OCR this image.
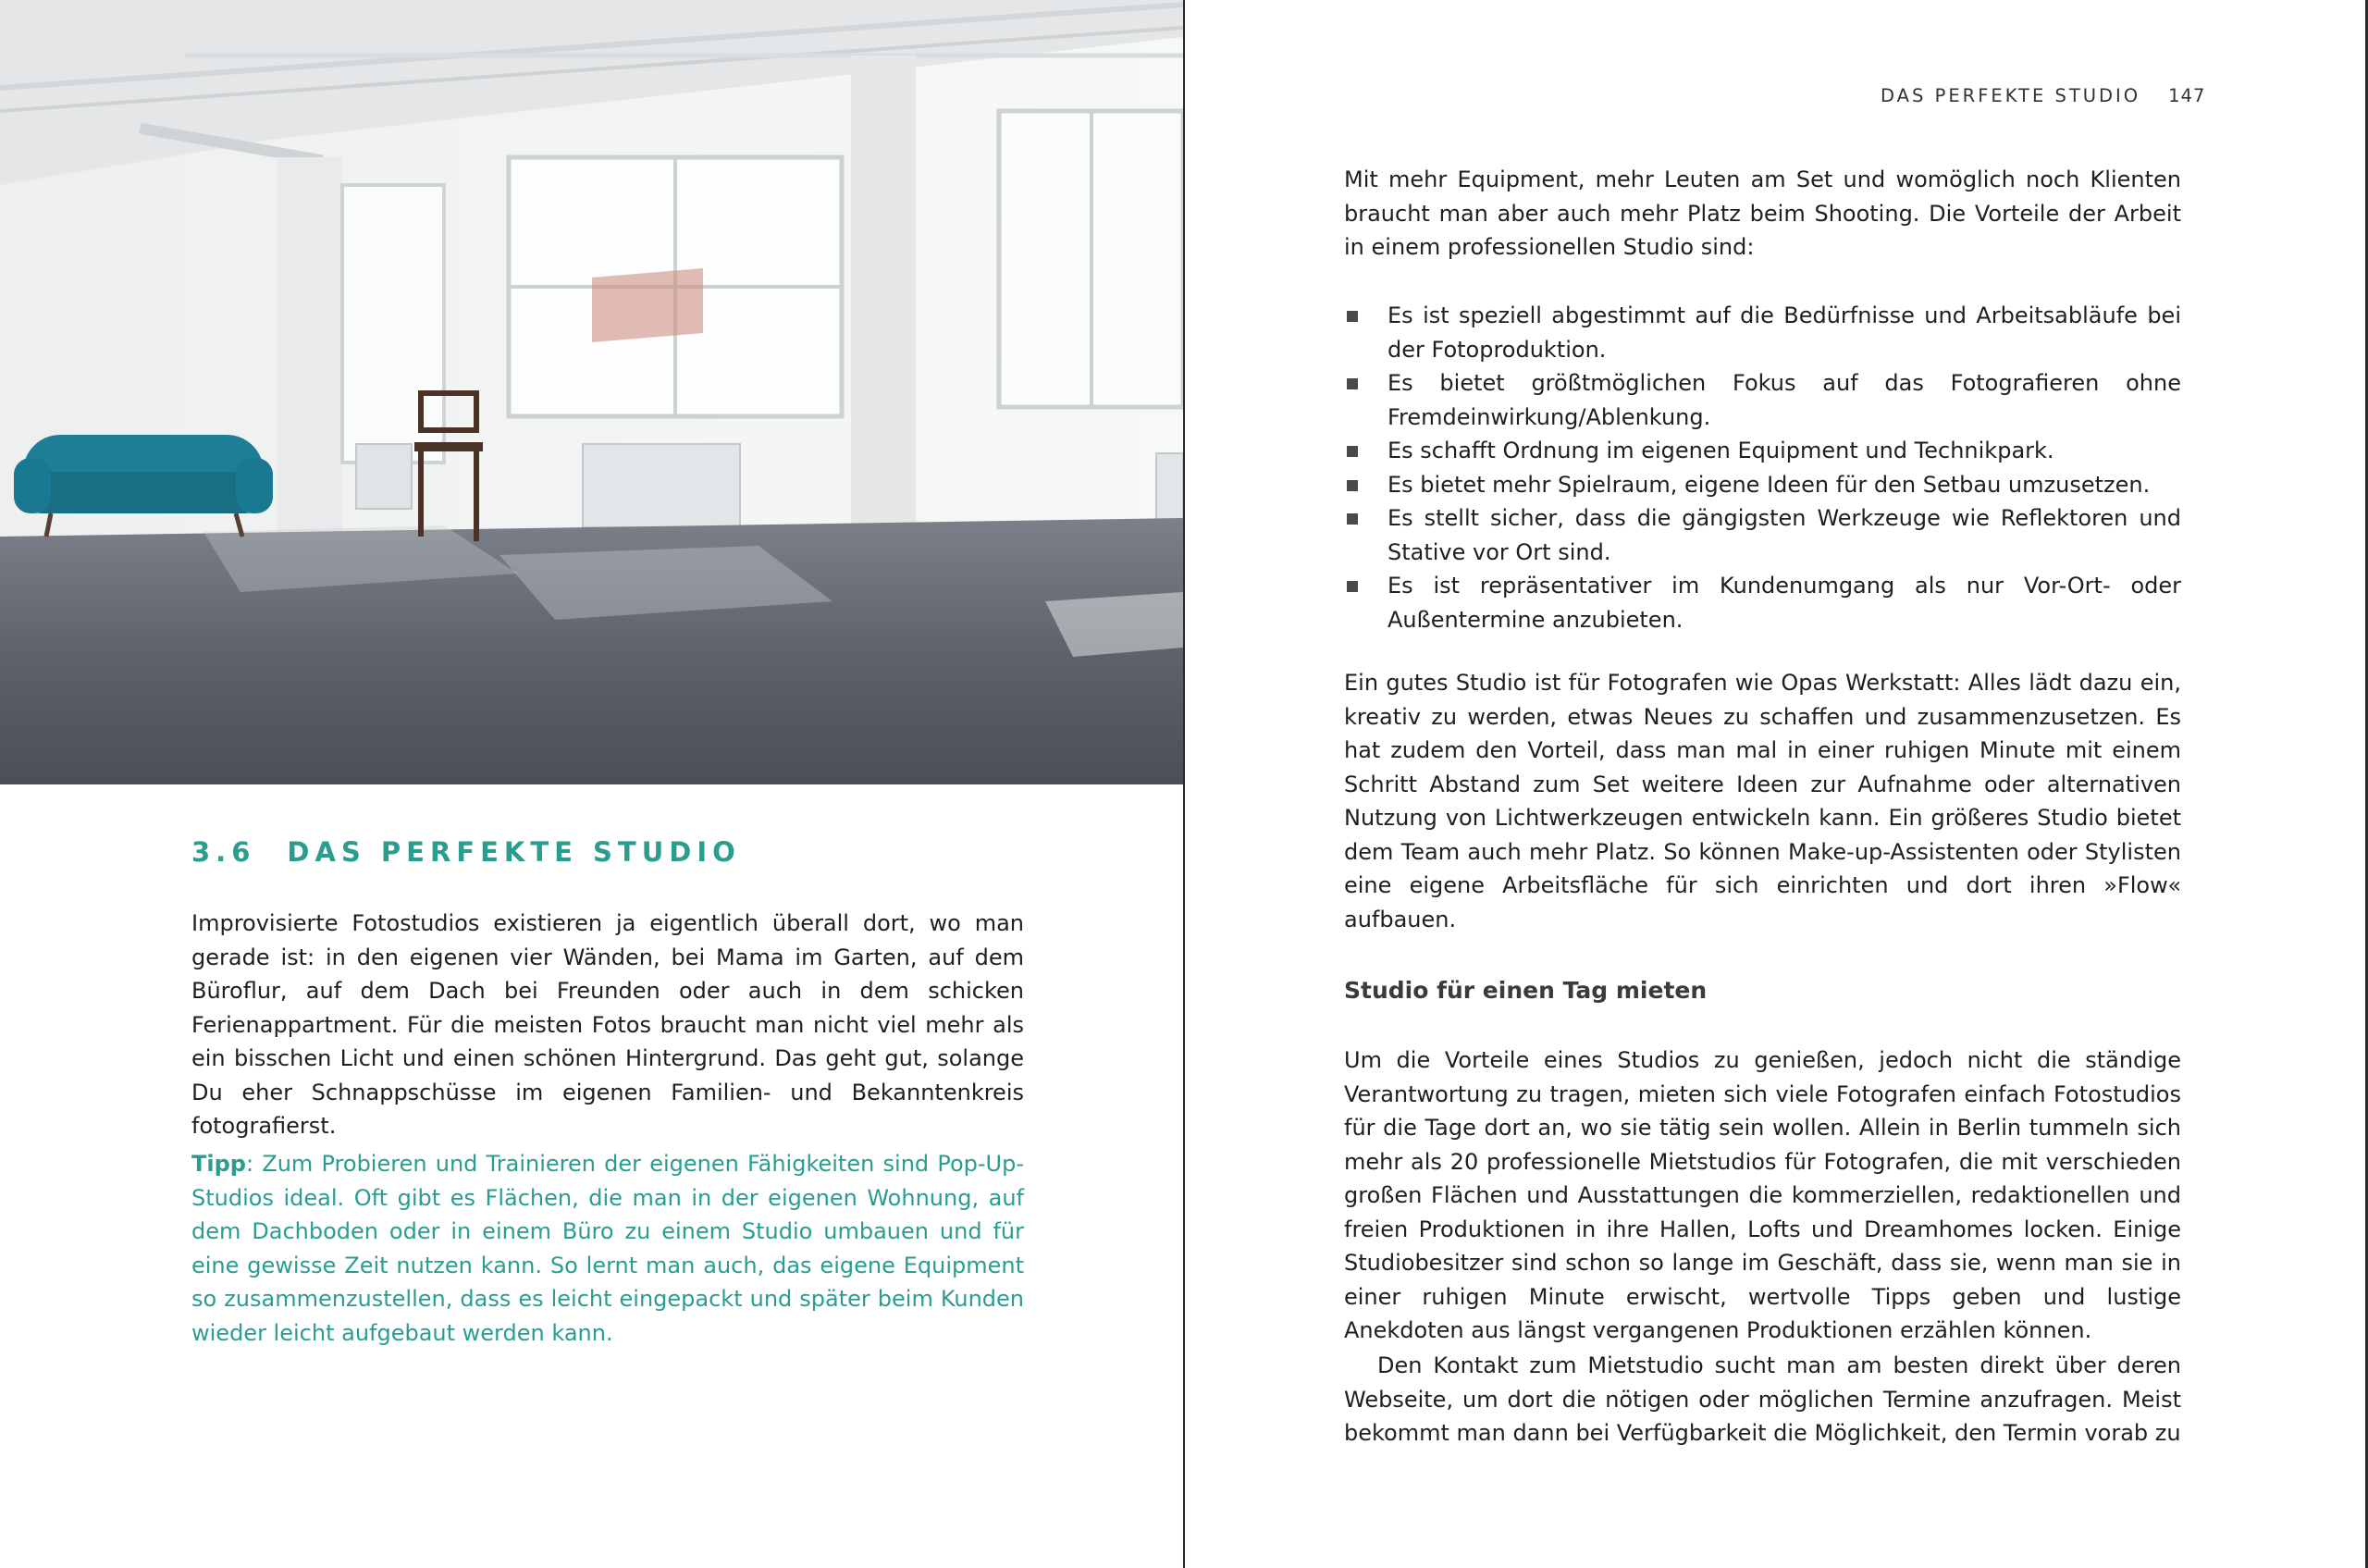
3.6 DAS PERFEKTE STUDIO

Improvisierte Fotostudios existieren ja eigentlich überall dort, wo man gerade ist: in den eigenen vier Wänden, bei Mama im Garten, auf dem Büroflur, auf dem Dach bei Freunden oder auch in dem schicken Ferienappartment. Für die meisten Fotos braucht man nicht viel mehr als ein bisschen Licht und einen schönen Hintergrund. Das geht gut, solange Du eher Schnappschüsse im eigenen Familien- und Bekanntenkreis fotografierst.

Tipp: Zum Probieren und Trainieren der eigenen Fähigkeiten sind Pop-Up-Studios ideal. Oft gibt es Flächen, die man in der eigenen Wohnung, auf dem Dachboden oder in einem Büro zu einem Studio umbauen und für eine gewisse Zeit nutzen kann. So lernt man auch, das eigene Equipment so zusammenzustellen, dass es leicht eingepackt und später beim Kunden wieder leicht aufgebaut werden kann.

DAS PERFEKTE STUDIO 147

Mit mehr Equipment, mehr Leuten am Set und womöglich noch Klienten braucht man aber auch mehr Platz beim Shooting. Die Vorteile der Arbeit in einem professionellen Studio sind:

Es ist speziell abgestimmt auf die Bedürfnisse und Arbeitsabläufe bei der Fotoproduktion.
Es bietet größtmöglichen Fokus auf das Fotografieren ohne Fremdeinwirkung/Ablenkung.
Es schafft Ordnung im eigenen Equipment und Technikpark.
Es bietet mehr Spielraum, eigene Ideen für den Setbau umzusetzen.
Es stellt sicher, dass die gängigsten Werkzeuge wie Reflektoren und Stative vor Ort sind.
Es ist repräsentativer im Kundenumgang als nur Vor-Ort- oder Außentermine anzubieten.

Ein gutes Studio ist für Fotografen wie Opas Werkstatt: Alles lädt dazu ein, kreativ zu werden, etwas Neues zu schaffen und zusammenzusetzen. Es hat zudem den Vorteil, dass man mal in einer ruhigen Minute mit einem Schritt Abstand zum Set weitere Ideen zur Aufnahme oder alternativen Nutzung von Lichtwerkzeugen entwickeln kann. Ein größeres Studio bietet dem Team auch mehr Platz. So können Make-up-Assistenten oder Stylisten eine eigene Arbeitsfläche für sich einrichten und dort ihren »Flow« aufbauen.

Studio für einen Tag mieten

Um die Vorteile eines Studios zu genießen, jedoch nicht die ständige Verantwortung zu tragen, mieten sich viele Fotografen einfach Fotostudios für die Tage dort an, wo sie tätig sein wollen. Allein in Berlin tummeln sich mehr als 20 professionelle Mietstudios für Fotografen, die mit verschieden großen Flächen und Ausstattungen die kommerziellen, redaktionellen und freien Produktionen in ihre Hallen, Lofts und Dreamhomes locken. Einige Studiobesitzer sind schon so lange im Geschäft, dass sie, wenn man sie in einer ruhigen Minute erwischt, wertvolle Tipps geben und lustige Anekdoten aus längst vergangenen Produktionen erzählen können.

Den Kontakt zum Mietstudio sucht man am besten direkt über deren Webseite, um dort die nötigen oder möglichen Termine anzufragen. Meist bekommt man dann bei Verfügbarkeit die Möglichkeit, den Termin vorab zu
